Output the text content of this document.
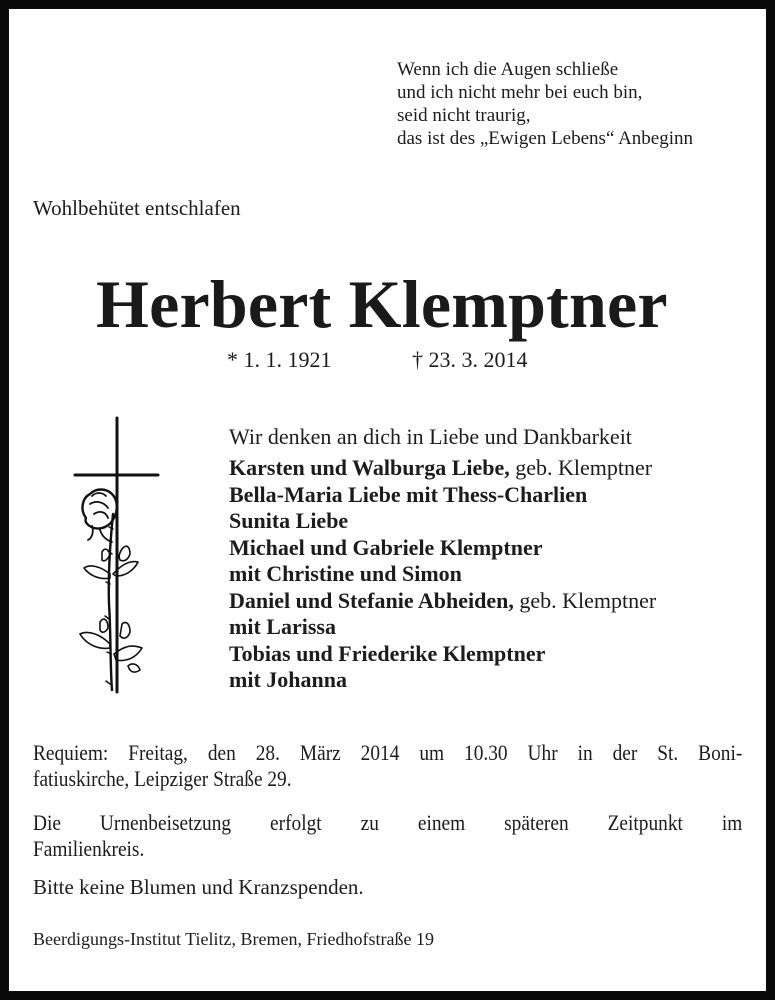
Wenn ich die Augen schließe
und ich nicht mehr bei euch bin,
seid nicht traurig,
das ist des „Ewigen Lebens“ Anbeginn
Wohlbehütet entschlafen
Herbert Klemptner
* 1. 1. 1921	† 23. 3. 2014
Wir denken an dich in Liebe und Dankbarkeit
Karsten und Walburga Liebe, geb. Klemptner
Bella-Maria Liebe mit Thess-Charlien
Sunita Liebe
Michael und Gabriele Klemptner
mit Christine und Simon
Daniel und Stefanie Abheiden, geb. Klemptner
mit Larissa
Tobias und Friederike Klemptner
mit Johanna
Requiem: Freitag, den 28. März 2014 um 10.30 Uhr in der St. Boni-
fatiuskirche, Leipziger Straße 29.
Die Urnenbeisetzung erfolgt zu einem späteren Zeitpunkt im
Familienkreis.
Bitte keine Blumen und Kranzspenden.
Beerdigungs-Institut Tielitz, Bremen, Friedhofstraße 19
